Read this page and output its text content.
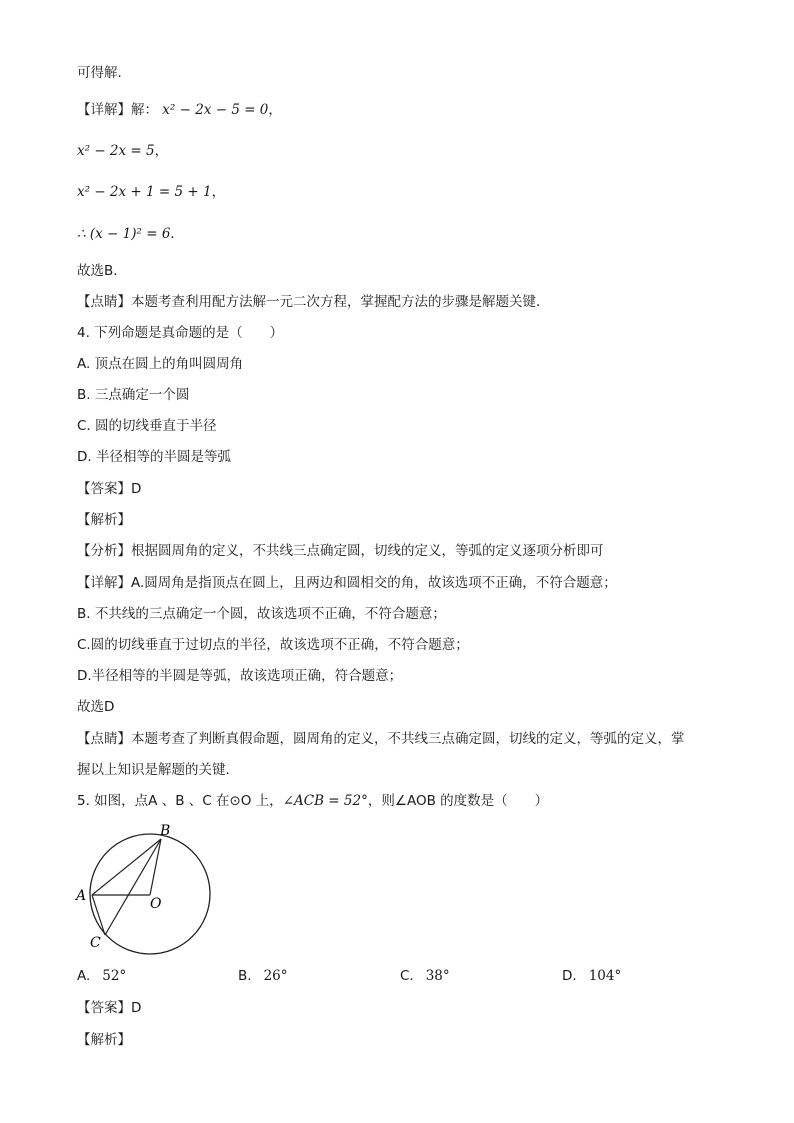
可得解．
【详解】解： x² − 2x − 5 = 0，
x² − 2x = 5，
x² − 2x + 1 = 5 + 1，
∴ (x − 1)² = 6．
故选B．
【点睛】本题考查利用配方法解一元二次方程，掌握配方法的步骤是解题关键．
4. 下列命题是真命题的是（　　）
A. 顶点在圆上的角叫圆周角
B. 三点确定一个圆
C. 圆的切线垂直于半径
D. 半径相等的半圆是等弧
【答案】D
【解析】
【分析】根据圆周角的定义，不共线三点确定圆，切线的定义，等弧的定义逐项分析即可
【详解】A.圆周角是指顶点在圆上，且两边和圆相交的角，故该选项不正确，不符合题意；
B. 不共线的三点确定一个圆，故该选项不正确，不符合题意；
C.圆的切线垂直于过切点的半径，故该选项不正确，不符合题意；
D.半径相等的半圆是等弧，故该选项正确，符合题意；
故选D
【点睛】本题考查了判断真假命题，圆周角的定义，不共线三点确定圆，切线的定义，等弧的定义，掌
握以上知识是解题的关键．
5. 如图，点A 、B 、C 在⊙O 上，∠ACB = 52°，则∠AOB 的度数是（　　）
B
A	O
C
A. 52°	B. 26°	C. 38°	D. 104°
【答案】D
【解析】
